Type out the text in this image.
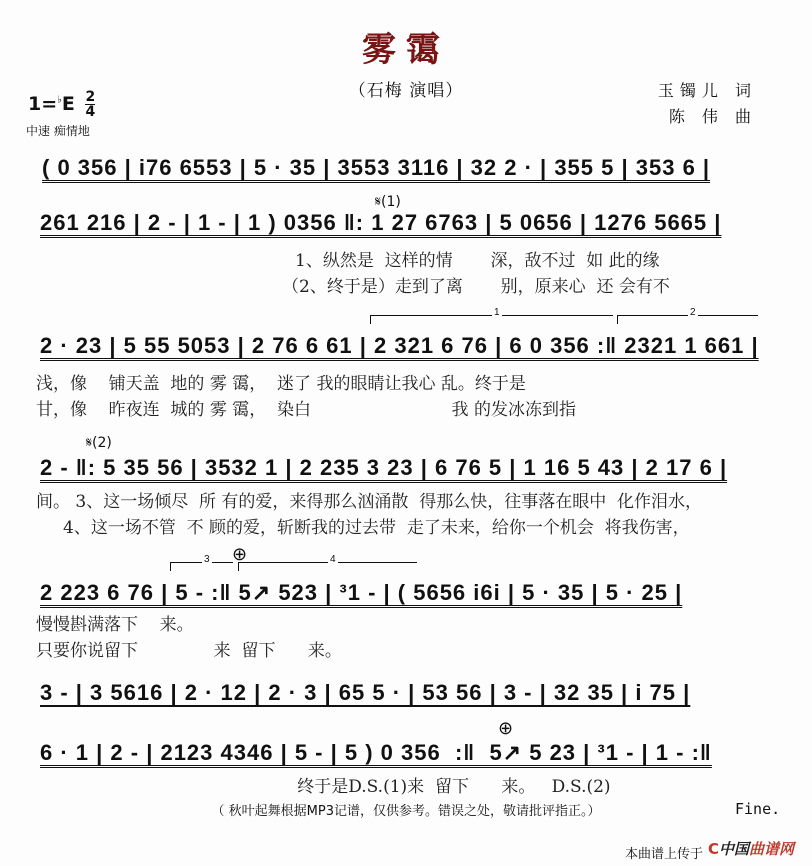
雾霭
（石梅 演唱）	玉镯儿 词
陈 伟 曲
$1=^♭E \frac{2}{4}$
中速 痴情地
( 0 356 | i76 6553 | 5 · 35 | 3553 3116 | 32 2 · | 355 5 | 353 6 |
𝄋(1)
261 216 | 2 - | 1 - | 1 ) 0356 ‖: 1 27 6763 | 5 0656 | 1276 5665 |
1、纵然是  这样的情       深，敌不过  如 此的缘
（2、终于是）走到了离       别，原来心  还 会有不
1	2
2 · 23 | 5 55 5053 | 2 76 6 61 | 2 321 6 76 | 6 0 356 :‖ 2321 1 661 |
浅，像    铺天盖  地的 雾 霭，  迷了 我的眼睛让我心 乱。终于是
甘，像    昨夜连  城的 雾 霭，  染白                          我 的发冰冻到指
𝄋(2)
2 - ‖: 5 35 56 | 3532 1 | 2 235 3 23 | 6 76 5 | 1 16 5 43 | 2 17 6 |
间。 3、这一场倾尽  所 有的爱，来得那么汹涌散  得那么快，往事落在眼中  化作泪水，
4、这一场不管  不 顾的爱，斩断我的过去带  走了未来，给你一个机会  将我伤害，
⊕
3	4
2 223 6 76 | 5 - :‖ 5↗ 523 | ³1 - | ( 5656 i6i | 5 · 35 | 5 · 25 |
慢慢斟满落下    来。
只要你说留下              来  留下      来。
3 - | 3 5616 | 2 · 12 | 2 · 3 | 65 5 · | 53 56 | 3 - | 32 35 | i 75 |
⊕
6 · 1 | 2 - | 2123 4346 | 5 - | 5 ) 0 356  :‖  5↗ 5 23 | ³1 - | 1 - :‖
终于是D.S.(1)来  留下      来。   D.S.(2)
（ 秋叶起舞根据MP3记谱，仅供参考。错误之处，敬请批评指正。）	Fine.
本曲谱上传于 C中国曲谱网
